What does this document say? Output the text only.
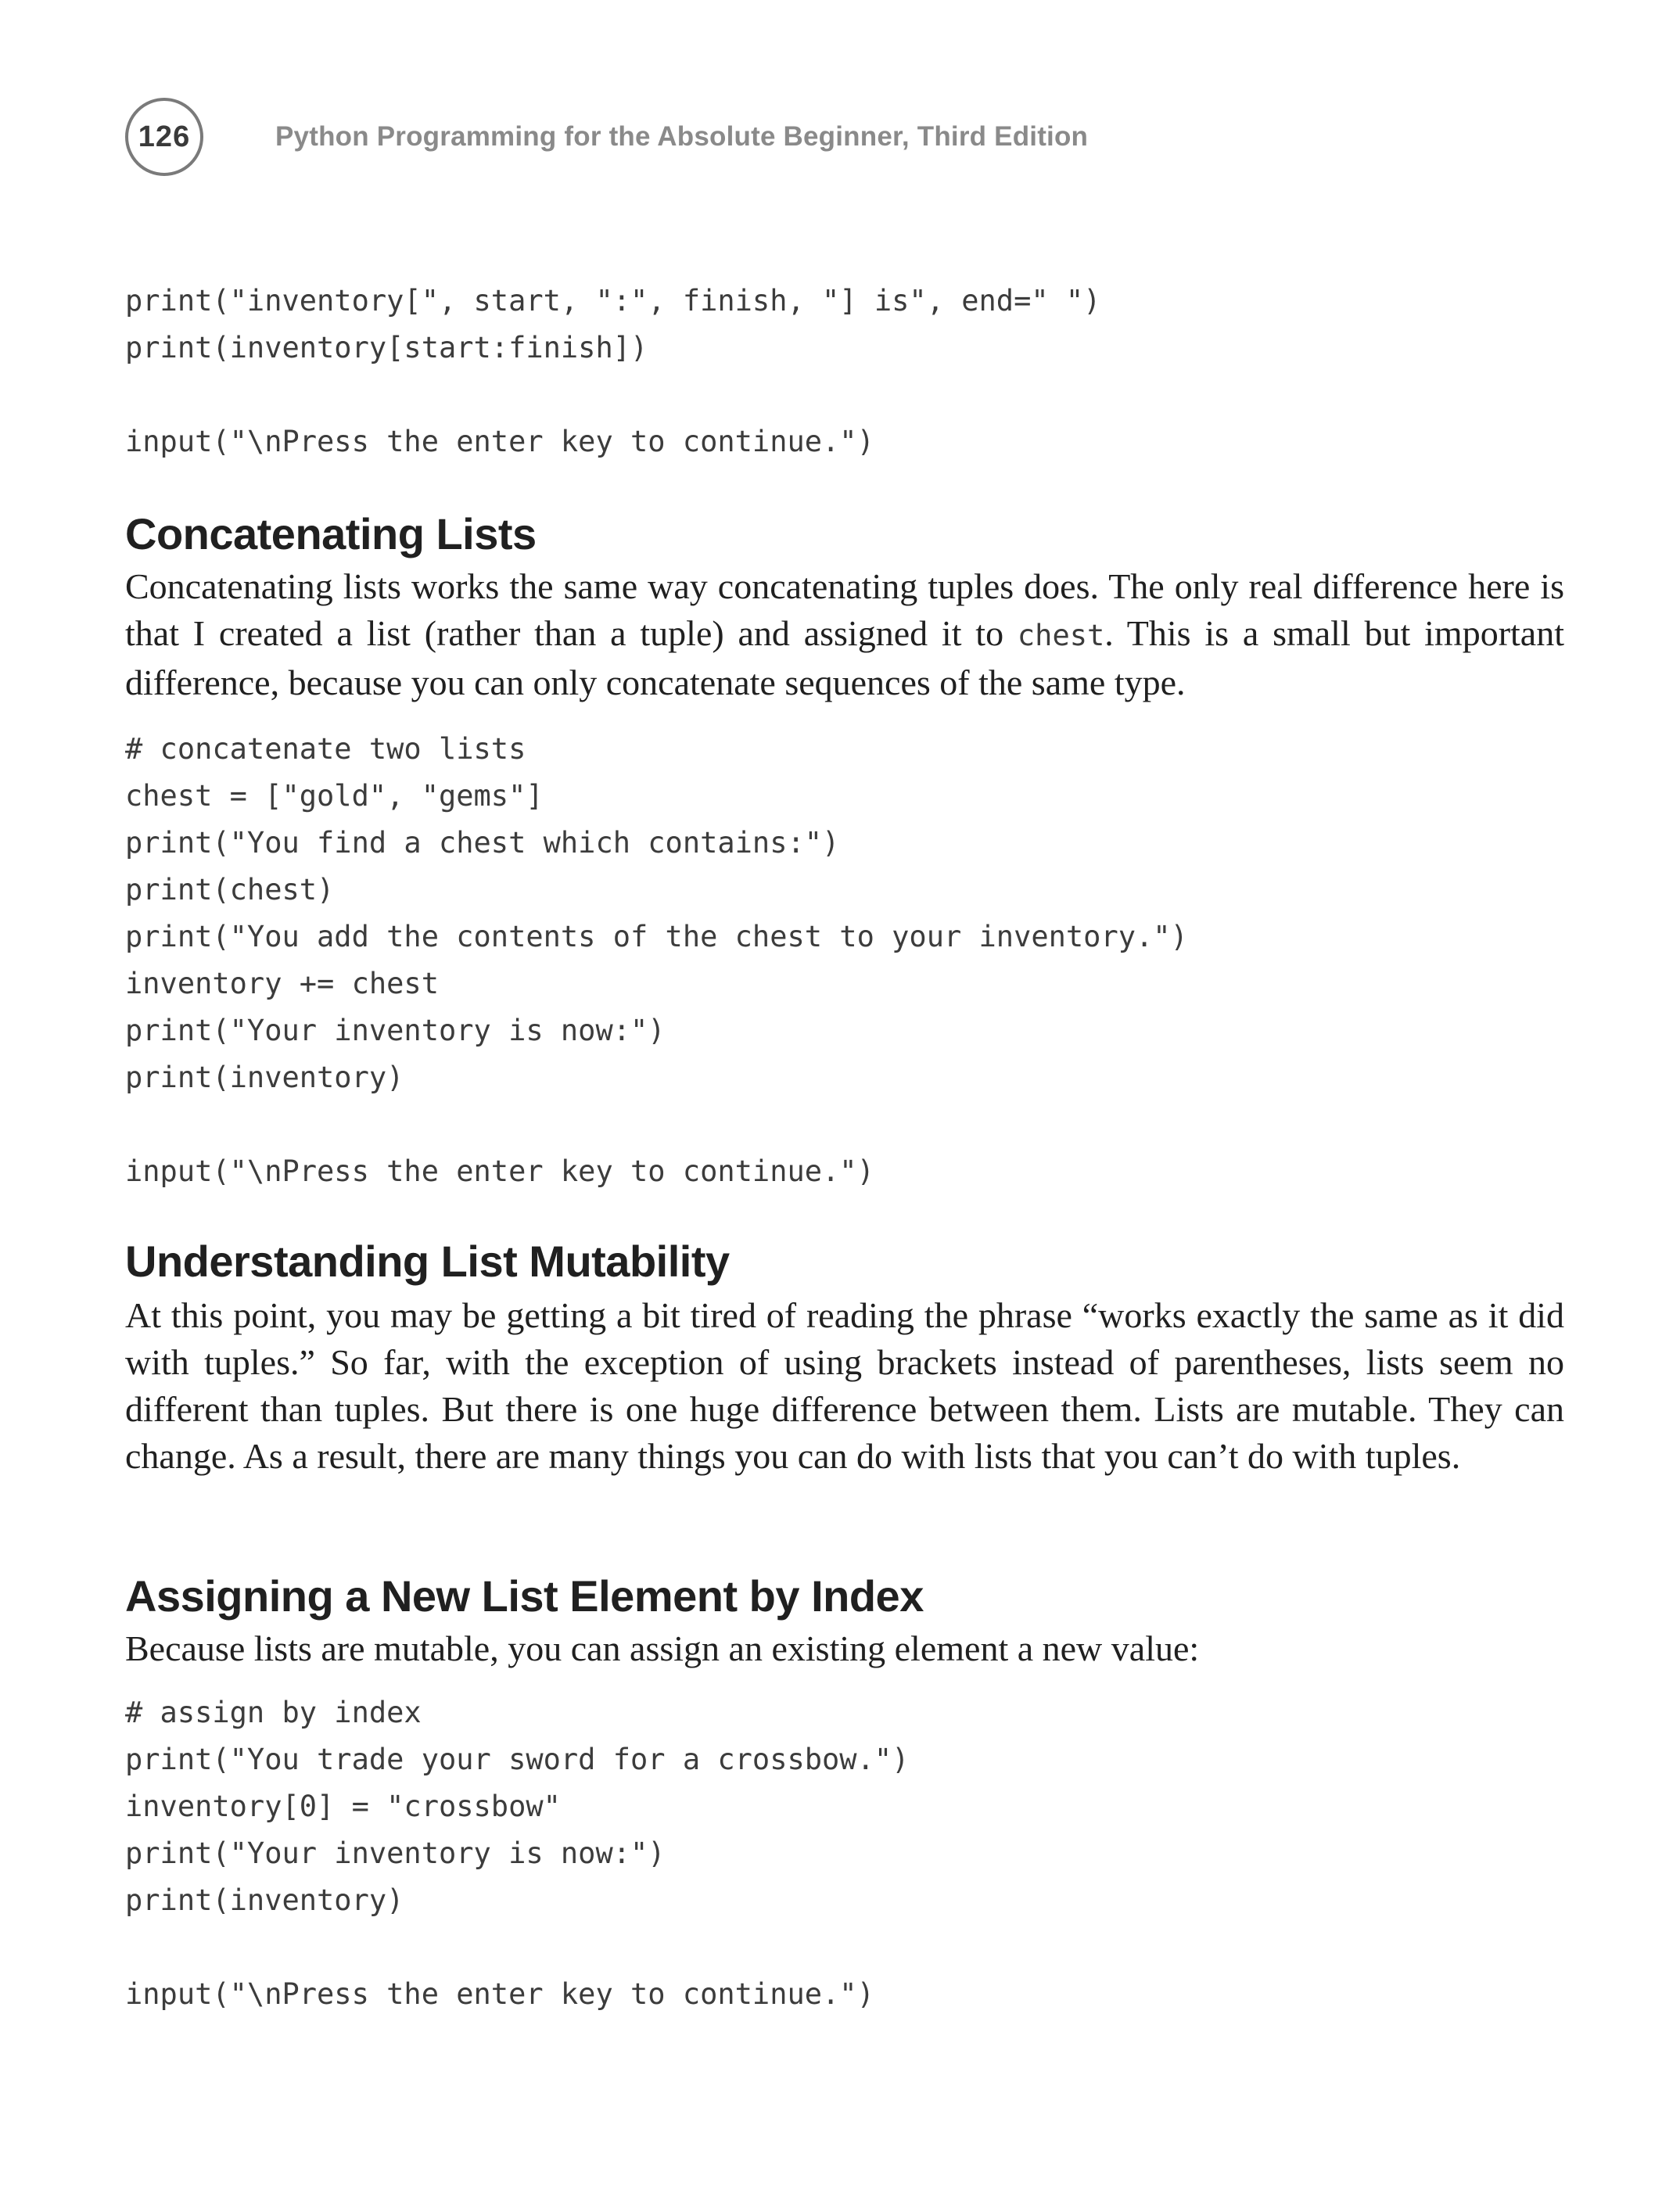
126	Python Programming for the Absolute Beginner, Third Edition
print("inventory[", start, ":", finish, "] is", end=" ")
print(inventory[start:finish])
input("\nPress the enter key to continue.")
Concatenating Lists

Concatenating lists works the same way concatenating tuples does. The only real difference here is that I created a list (rather than a tuple) and assigned it to chest. This is a small but important difference, because you can only concatenate sequences of the same type.

# concatenate two lists
chest = ["gold", "gems"]
print("You find a chest which contains:")
print(chest)
print("You add the contents of the chest to your inventory.")
inventory += chest
print("Your inventory is now:")
print(inventory)
input("\nPress the enter key to continue.")
Understanding List Mutability

At this point, you may be getting a bit tired of reading the phrase “works exactly the same as it did with tuples.” So far, with the exception of using brackets instead of parentheses, lists seem no different than tuples. But there is one huge difference between them. Lists are mutable. They can change. As a result, there are many things you can do with lists that you can’t do with tuples.

Assigning a New List Element by Index

Because lists are mutable, you can assign an existing element a new value:

# assign by index
print("You trade your sword for a crossbow.")
inventory[0] = "crossbow"
print("Your inventory is now:")
print(inventory)
input("\nPress the enter key to continue.")
